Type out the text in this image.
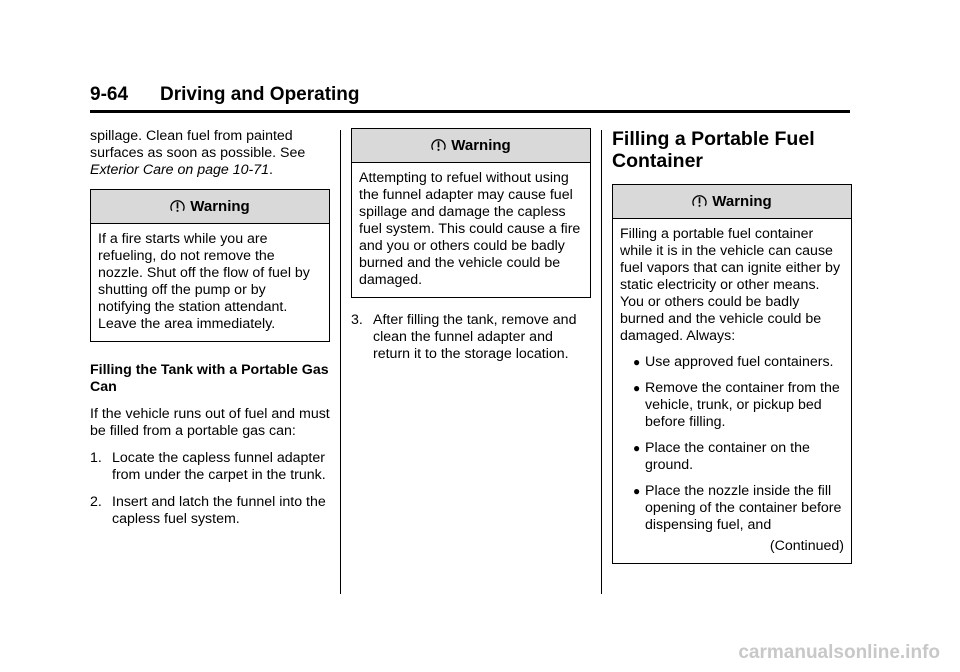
9-64 Driving and Operating

spillage. Clean fuel from painted surfaces as soon as possible. See Exterior Care on page 10-71.

Warning
If a fire starts while you are refueling, do not remove the nozzle. Shut off the flow of fuel by shutting off the pump or by notifying the station attendant. Leave the area immediately.

Filling the Tank with a Portable Gas Can

If the vehicle runs out of fuel and must be filled from a portable gas can:

1. Locate the capless funnel adapter from under the carpet in the trunk.
2. Insert and latch the funnel into the capless fuel system.
Warning
Attempting to refuel without using the funnel adapter may cause fuel spillage and damage the capless fuel system. This could cause a fire and you or others could be badly burned and the vehicle could be damaged.
3. After filling the tank, remove and clean the funnel adapter and return it to the storage location.
Filling a Portable Fuel Container
Warning

Filling a portable fuel container while it is in the vehicle can cause fuel vapors that can ignite either by static electricity or other means. You or others could be badly burned and the vehicle could be damaged. Always:

● Use approved fuel containers.
● Remove the container from the vehicle, trunk, or pickup bed before filling.
● Place the container on the ground.
● Place the nozzle inside the fill opening of the container before dispensing fuel, and

(Continued)

carmanualsonline.info
